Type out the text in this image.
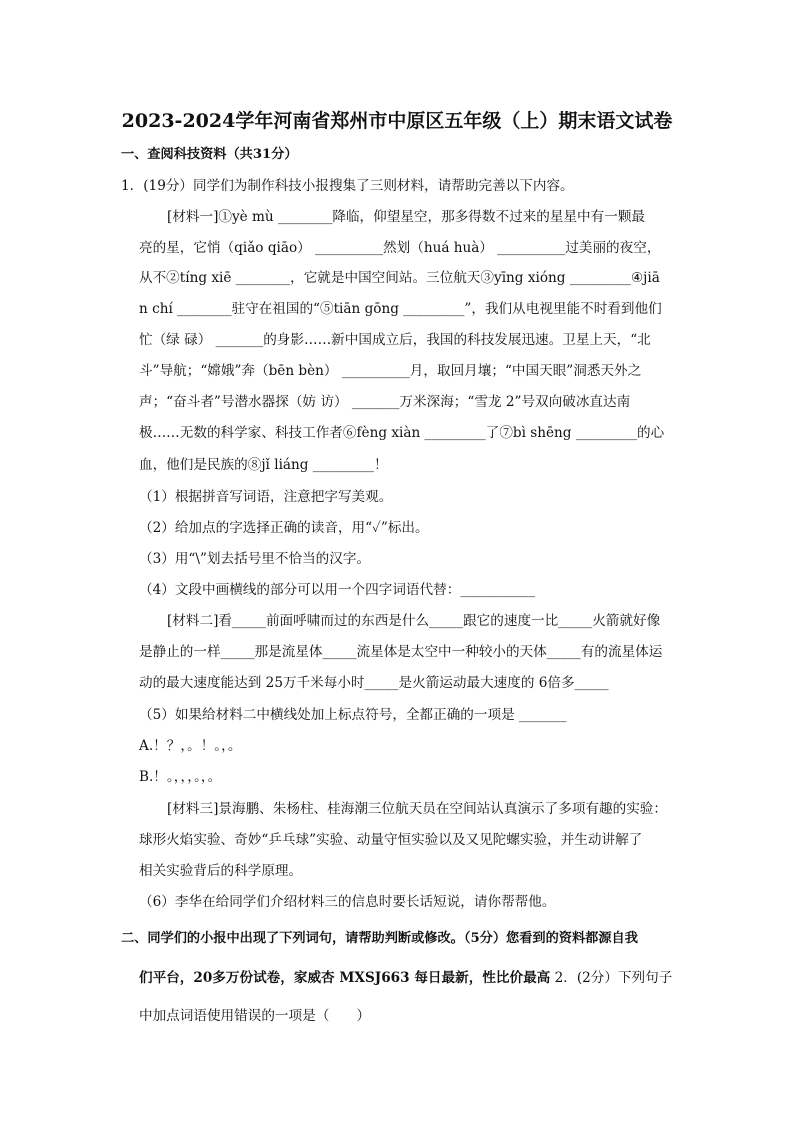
2023-2024学年河南省郑州市中原区五年级（上）期末语文试卷
一、查阅科技资料（共31分）
1．(19分）同学们为制作科技小报搜集了三则材料，请帮助完善以下内容。
[材料一]①yè mù ________降临，仰望星空，那多得数不过来的星星中有一颗最
亮的星，它悄（qiǎo qiāo） __________然划（huá huà） __________过美丽的夜空，
从不②tíng xiē ________，它就是中国空间站。三位航天③yīng xióng _________④jiā
n chí ________驻守在祖国的“⑤tiān gōng _________”，我们从电视里能不时看到他们
忙（绿 碌） _______的身影……新中国成立后，我国的科技发展迅速。卫星上天，“北
斗”导航；“嫦娥”奔（bēn bèn） __________月，取回月壤；“中国天眼”洞悉天外之
声；“奋斗者”号潜水器探（妨 访） _______万米深海；“雪龙 2”号双向破冰直达南
极……无数的科学家、科技工作者⑥fèng xiàn _________了⑦bì shēng _________的心
血，他们是民族的⑧jǐ liáng _________！
（1）根据拼音写词语，注意把字写美观。
（2）给加点的字选择正确的读音，用“✓”标出。
（3）用“\”划去括号里不恰当的汉字。
（4）文段中画横线的部分可以用一个四字词语代替：___________
[材料二]看_____前面呼啸而过的东西是什么_____跟它的速度一比_____火箭就好像
是静止的一样_____那是流星体_____流星体是太空中一种较小的天体_____有的流星体运
动的最大速度能达到 25万千米每小时_____是火箭运动最大速度的 6倍多_____
（5）如果给材料二中横线处加上标点符号，全都正确的一项是 _______
A.！？，。！。，。
B.！。，，，。，。
[材料三]景海鹏、朱杨柱、桂海潮三位航天员在空间站认真演示了多项有趣的实验：
球形火焰实验、奇妙“乒乓球”实验、动量守恒实验以及又见陀螺实验，并生动讲解了
相关实验背后的科学原理。
（6）李华在给同学们介绍材料三的信息时要长话短说，请你帮帮他。
二、同学们的小报中出现了下列词句，请帮助判断或修改。（5分）您看到的资料都源自我
们平台，20多万份试卷，家威杏 MXSJ663 每日最新，性比价最高 2．(2分）下列句子
中加点词语使用错误的一项是（　　）
